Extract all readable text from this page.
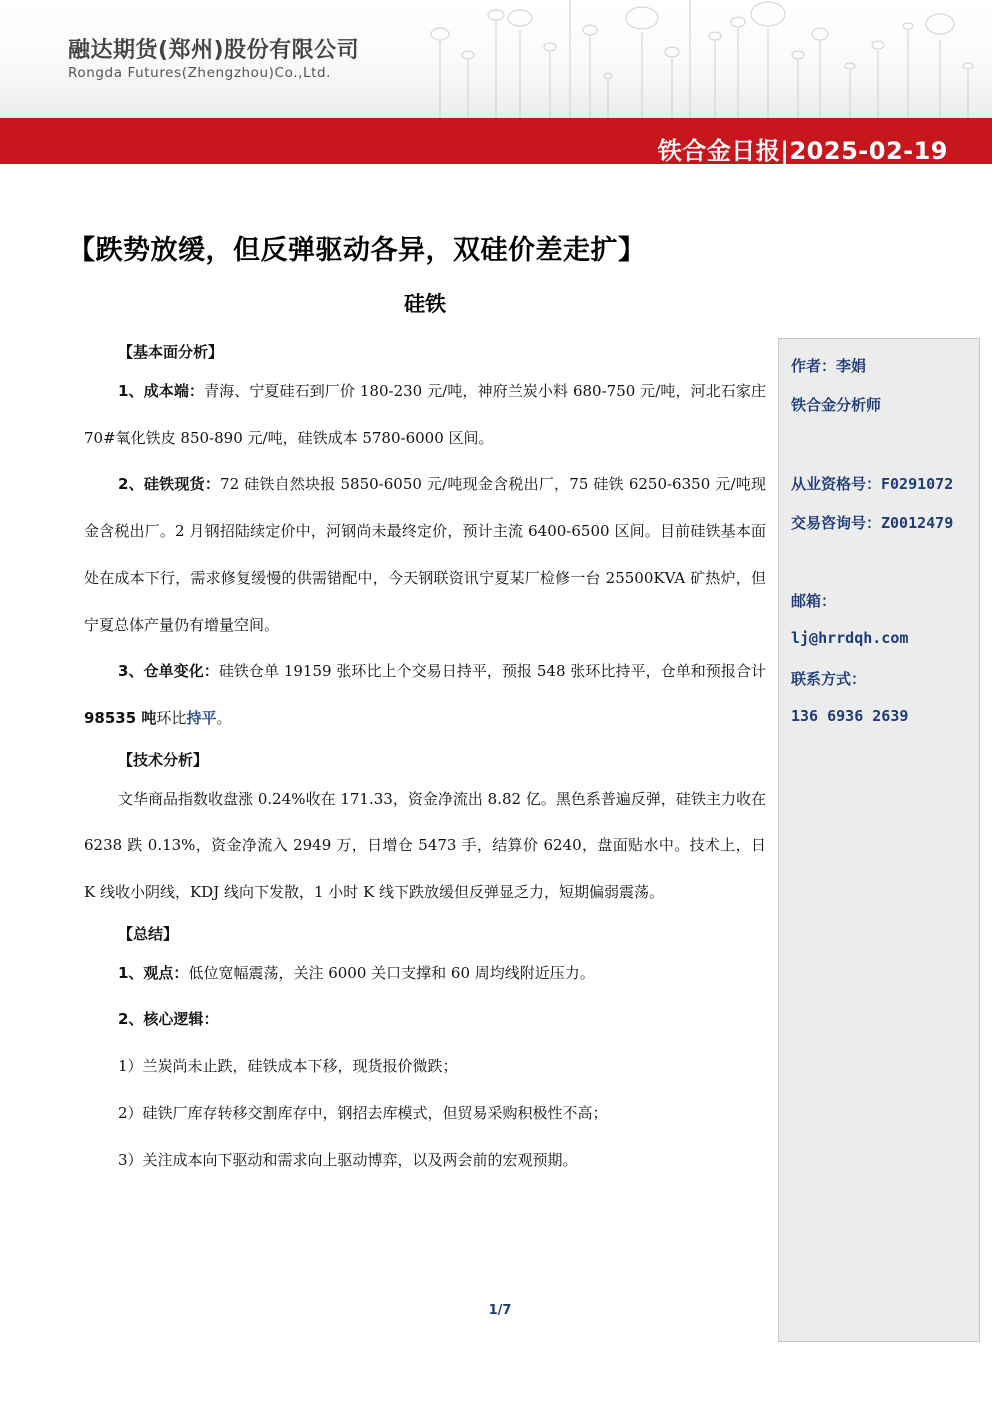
融达期货(郑州)股份有限公司
Rongda Futures(Zhengzhou)Co.,Ltd.
铁合金日报|2025-02-19
【跌势放缓，但反弹驱动各异，双硅价差走扩】
硅铁
【基本面分析】

1、成本端：青海、宁夏硅石到厂价 180-230 元/吨，神府兰炭小料 680-750 元/吨，河北石家庄 70#氧化铁皮 850-890 元/吨，硅铁成本 5780-6000 区间。

2、硅铁现货：72 硅铁自然块报 5850-6050 元/吨现金含税出厂，75 硅铁 6250-6350 元/吨现金含税出厂。2 月钢招陆续定价中，河钢尚未最终定价，预计主流 6400-6500 区间。目前硅铁基本面处在成本下行，需求修复缓慢的供需错配中，今天钢联资讯宁夏某厂检修一台 25500KVA 矿热炉，但宁夏总体产量仍有增量空间。

3、仓单变化：硅铁仓单 19159 张环比上个交易日持平，预报 548 张环比持平，仓单和预报合计 98535 吨环比持平。

【技术分析】

文华商品指数收盘涨 0.24%收在 171.33，资金净流出 8.82 亿。黑色系普遍反弹，硅铁主力收在 6238 跌 0.13%，资金净流入 2949 万，日增仓 5473 手，结算价 6240，盘面贴水中。技术上，日 K 线收小阴线，KDJ 线向下发散，1 小时 K 线下跌放缓但反弹显乏力，短期偏弱震荡。

【总结】
1、观点：低位宽幅震荡，关注 6000 关口支撑和 60 周均线附近压力。
2、核心逻辑：
1）兰炭尚未止跌，硅铁成本下移，现货报价微跌；
2）硅铁厂库存转移交割库存中，钢招去库模式，但贸易采购积极性不高；
3）关注成本向下驱动和需求向上驱动博弈，以及两会前的宏观预期。
作者：李娟
铁合金分析师
从业资格号：F0291072
交易咨询号：Z0012479
邮箱：
lj@hrrdqh.com
联系方式：
136 6936 2639
1/7
